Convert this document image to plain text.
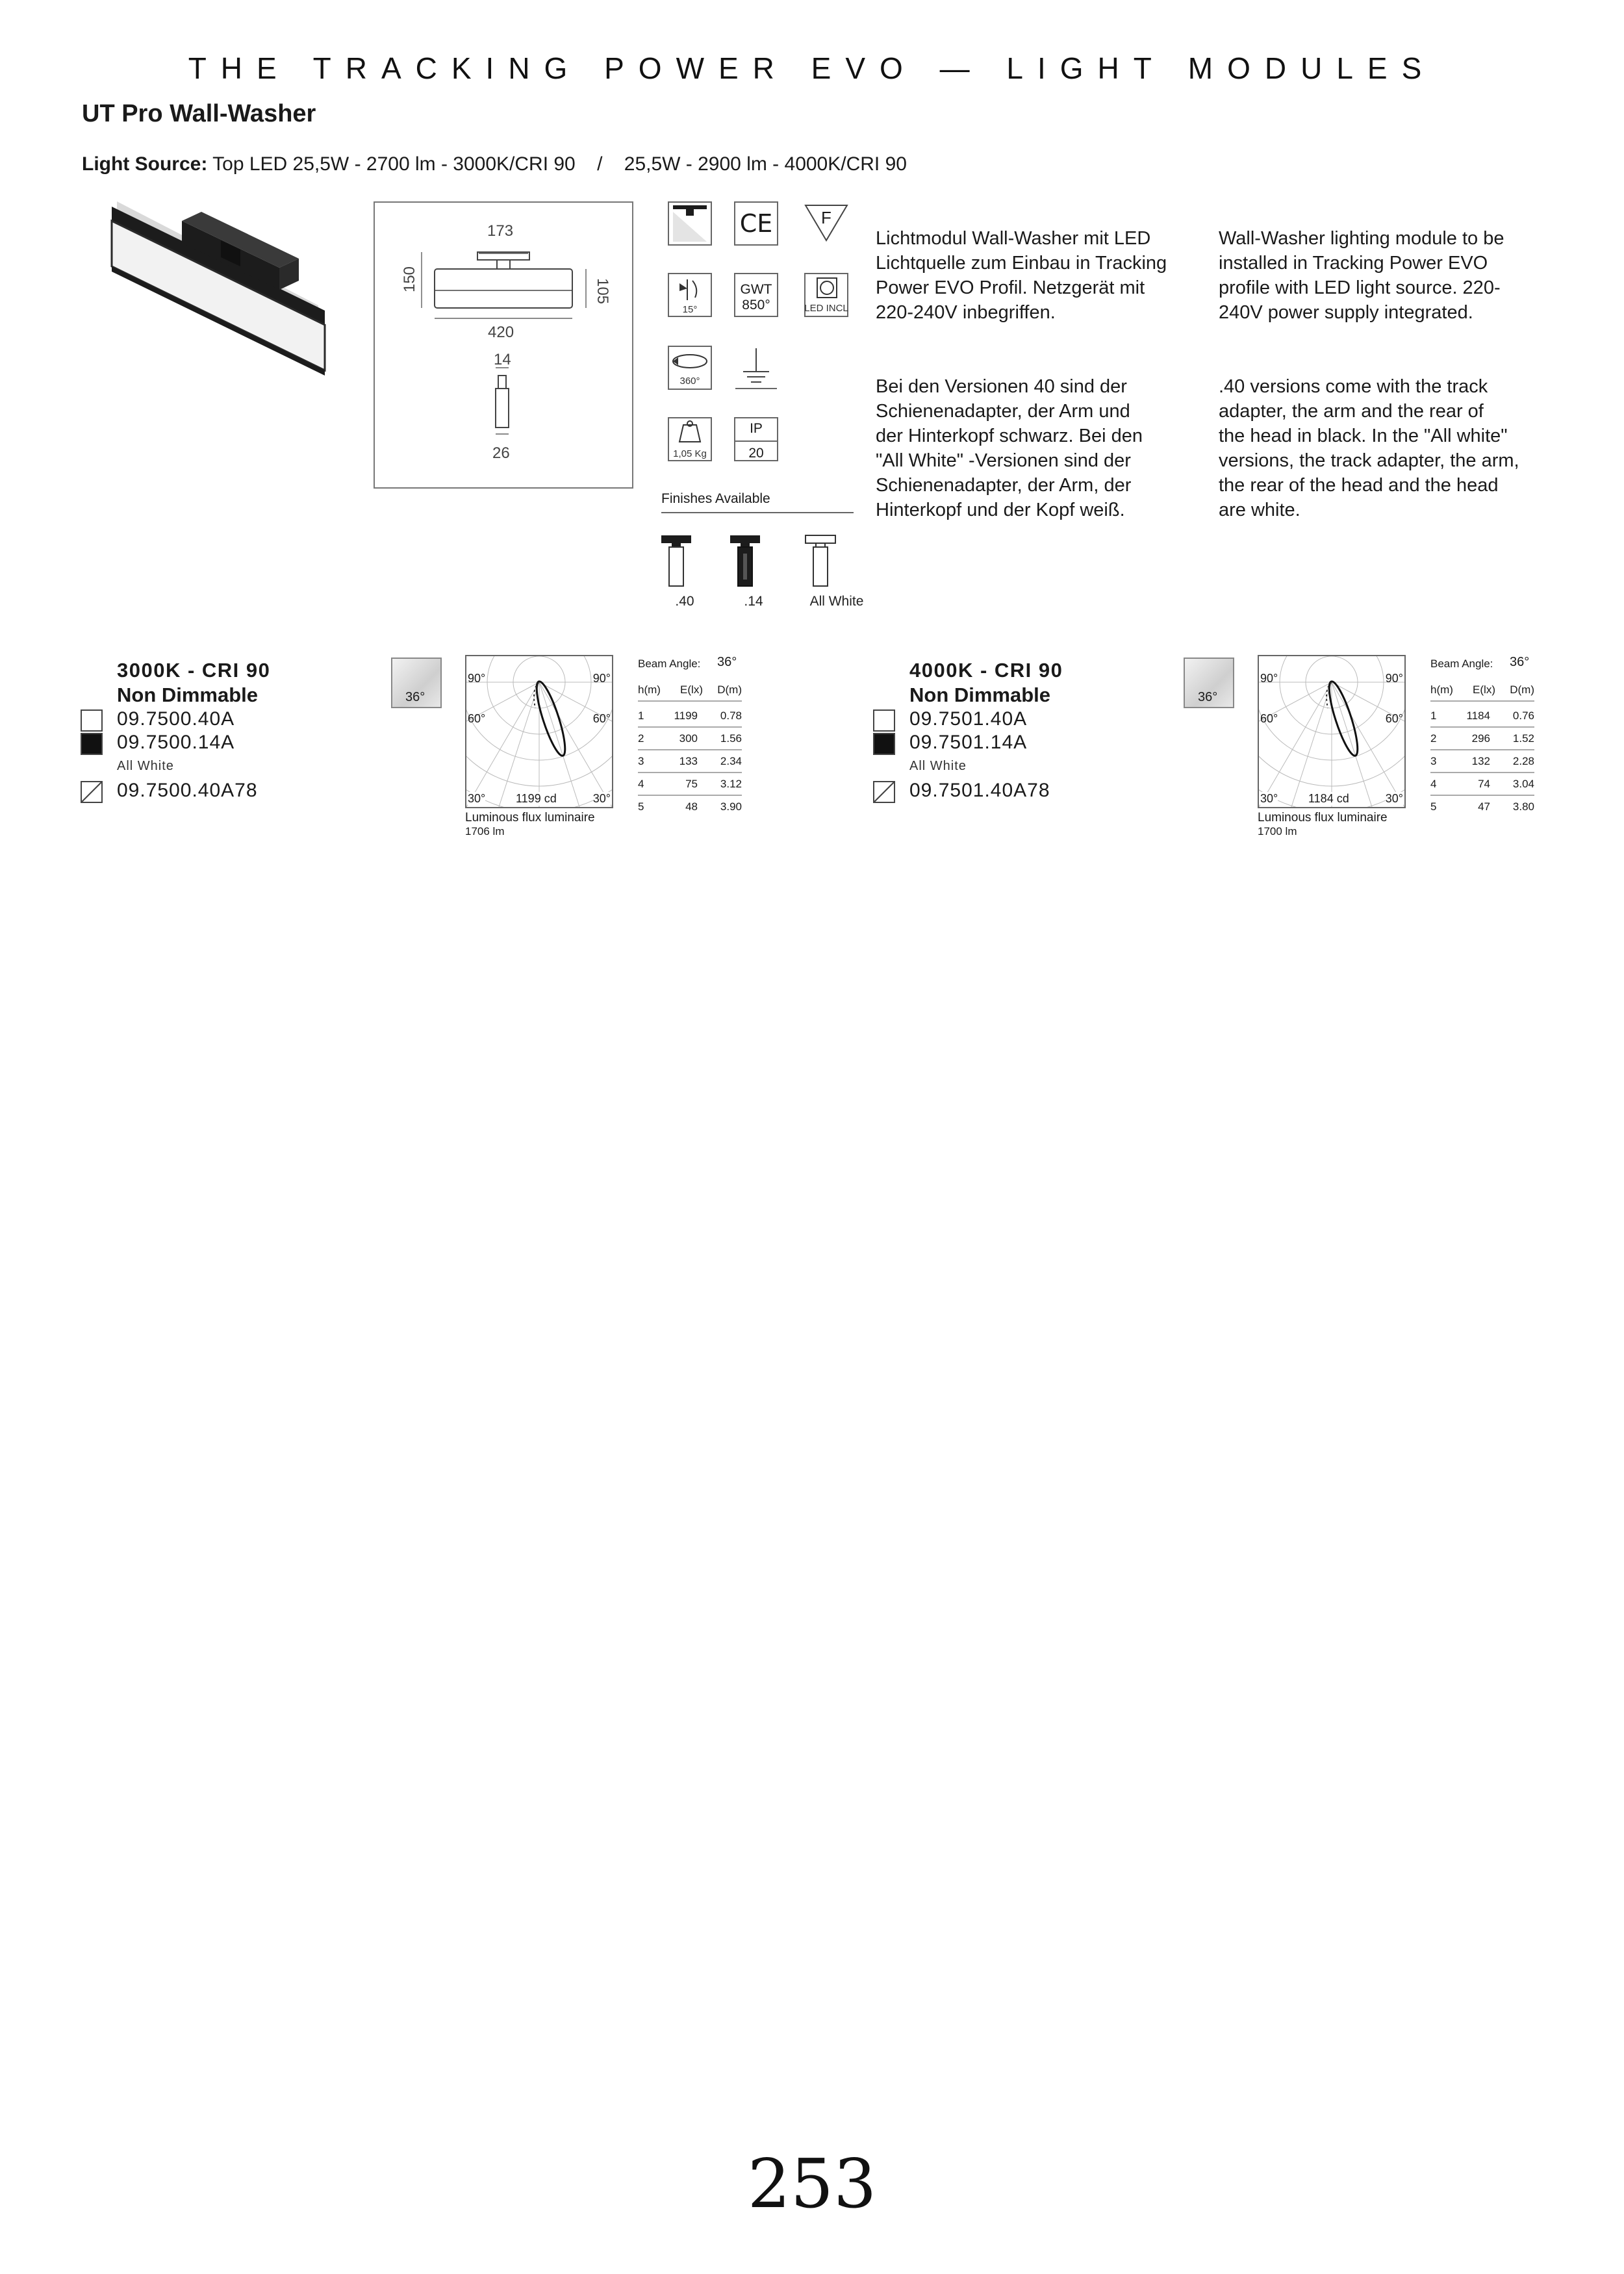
THE TRACKING POWER EVO — LIGHT MODULES
UT Pro Wall-Washer
Light Source: Top LED 25,5W - 2700 lm - 3000K/CRI 90    /    25,5W - 2900 lm - 4000K/CRI 90
173
150	105
420
14
26
CE	F
15°
GWT
850°	LED INCL
360°
1,05 Kg
IP
20

Lichtmodul Wall-Washer mit LED
Lichtquelle zum Einbau in Tracking
Power EVO Profil. Netzgerät mit
220-240V inbegriffen.

Bei den Versionen 40 sind der
Schienenadapter, der Arm und
der Hinterkopf schwarz. Bei den
"All White" -Versionen sind der
Schienenadapter, der Arm, der
Hinterkopf und der Kopf weiß.

Wall-Washer lighting module to be
installed in Tracking Power EVO
profile with LED light source. 220-
240V power supply integrated.

.40 versions come with the track
adapter, the arm and the rear of
the head in black. In the "All white"
versions, the track adapter, the arm,
the rear of the head and the head
are white.

Finishes Available
.40	.14	All White
3000K - CRI 90
Non Dimmable
09.7500.40A
09.7500.14A
All White
09.7500.40A78
36°
90°	90°
60°	60°
30°	30°
1199 cd
Luminous flux luminaire
1706 lm
Beam Angle: 36°
h(m) E(lx) D(m)
1	1199 0.78
2	300 1.56
3	133 2.34
4	75 3.12
5	48 3.90
4000K - CRI 90
Non Dimmable
09.7501.40A
09.7501.14A
All White
09.7501.40A78
36°
90°	90°
60°	60°
30°	30°
1184 cd
Luminous flux luminaire
1700 lm
Beam Angle: 36°
h(m) E(lx) D(m)
1	1184 0.76
2	296 1.52
3	132 2.28
4	74 3.04
5	47 3.80
253
